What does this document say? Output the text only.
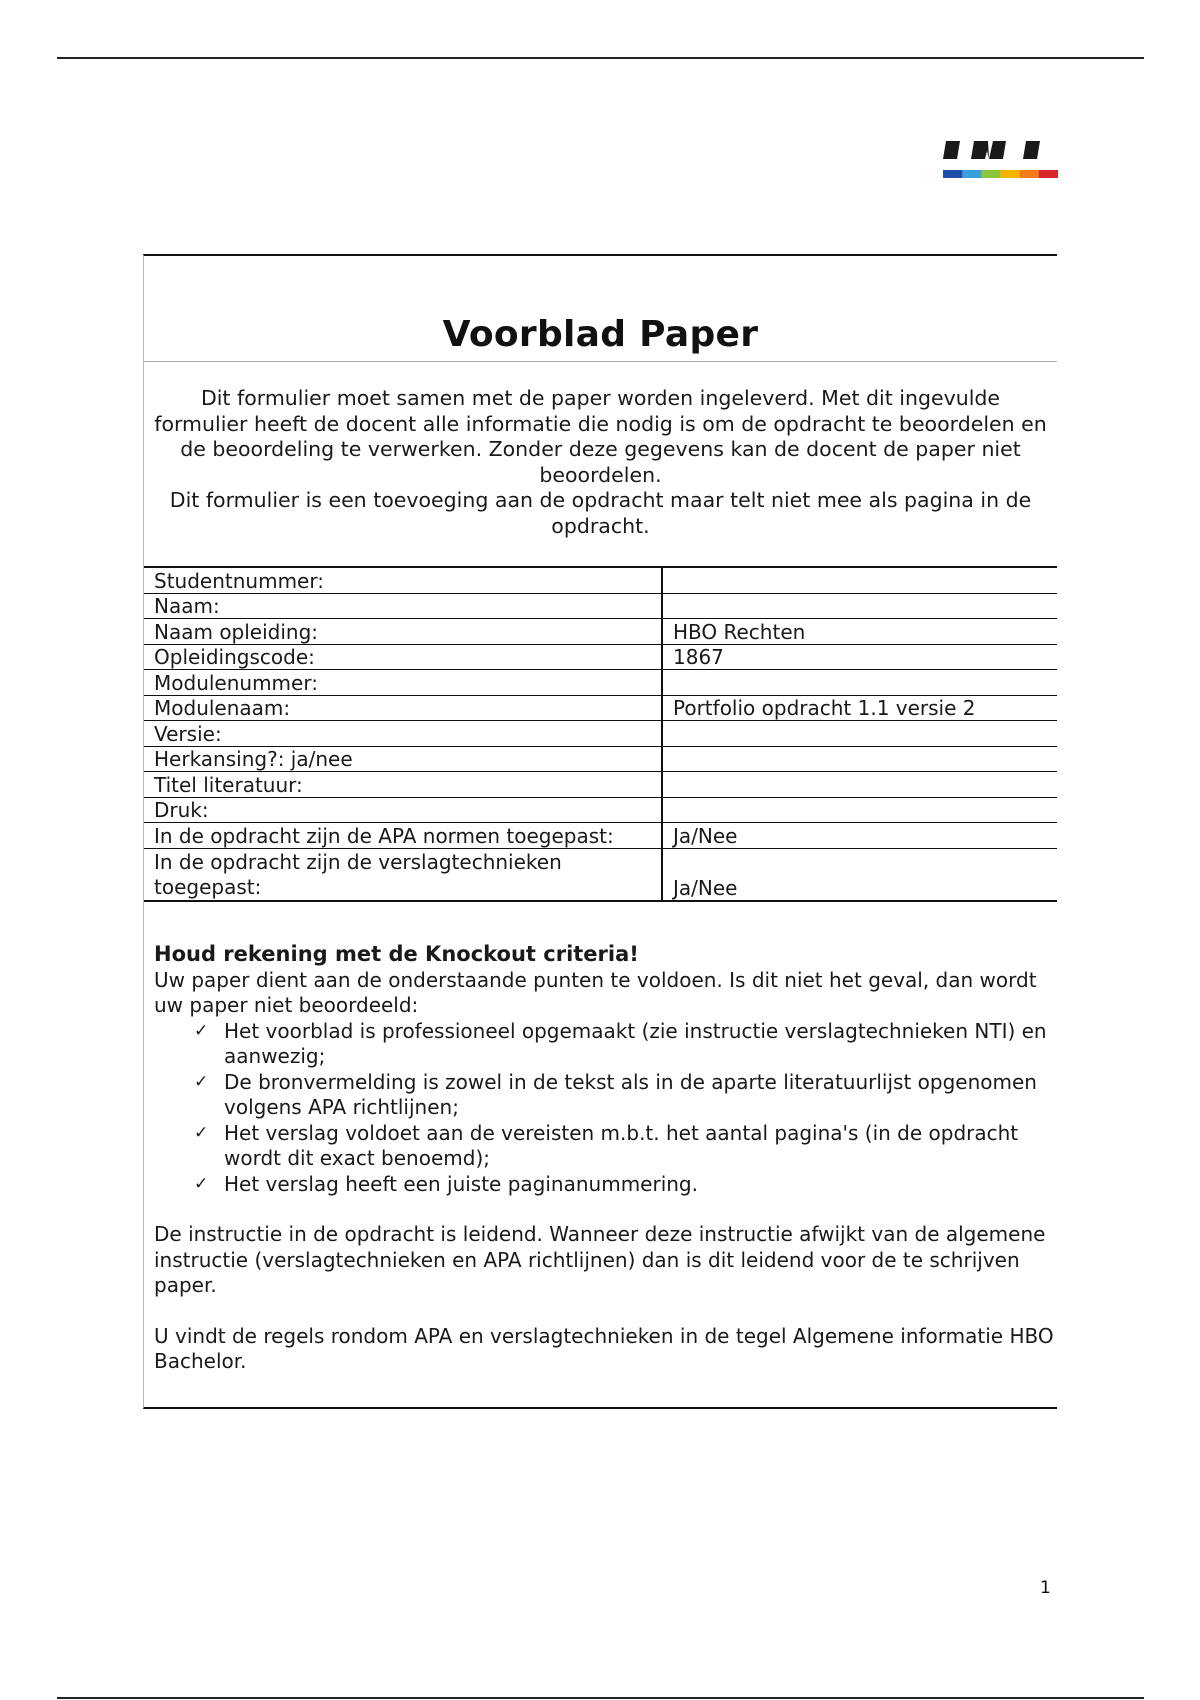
Voorblad Paper

Dit formulier moet samen met de paper worden ingeleverd. Met dit ingevulde formulier heeft de docent alle informatie die nodig is om de opdracht te beoordelen en de beoordeling te verwerken. Zonder deze gegevens kan de docent de paper niet beoordelen.

Dit formulier is een toevoeging aan de opdracht maar telt niet mee als pagina in de opdracht.

Studentnummer:	
Naam:	
Naam opleiding:	HBO Rechten
Opleidingscode:	1867
Modulenummer:	
Modulenaam:	Portfolio opdracht 1.1 versie 2
Versie:	
Herkansing?: ja/nee	
Titel literatuur:	
Druk:	
In de opdracht zijn de APA normen toegepast:	Ja/Nee
In de opdracht zijn de verslagtechnieken toegepast:	Ja/Nee

Houd rekening met de Knockout criteria!

Uw paper dient aan de onderstaande punten te voldoen. Is dit niet het geval, dan wordt uw paper niet beoordeeld:

✓ Het voorblad is professioneel opgemaakt (zie instructie verslagtechnieken NTI) en aanwezig;
✓ De bronvermelding is zowel in de tekst als in de aparte literatuurlijst opgenomen volgens APA richtlijnen;
✓ Het verslag voldoet aan de vereisten m.b.t. het aantal pagina's (in de opdracht wordt dit exact benoemd);
✓ Het verslag heeft een juiste paginanummering.

De instructie in de opdracht is leidend. Wanneer deze instructie afwijkt van de algemene instructie (verslagtechnieken en APA richtlijnen) dan is dit leidend voor de te schrijven paper.

U vindt de regels rondom APA en verslagtechnieken in de tegel Algemene informatie HBO Bachelor.

1
